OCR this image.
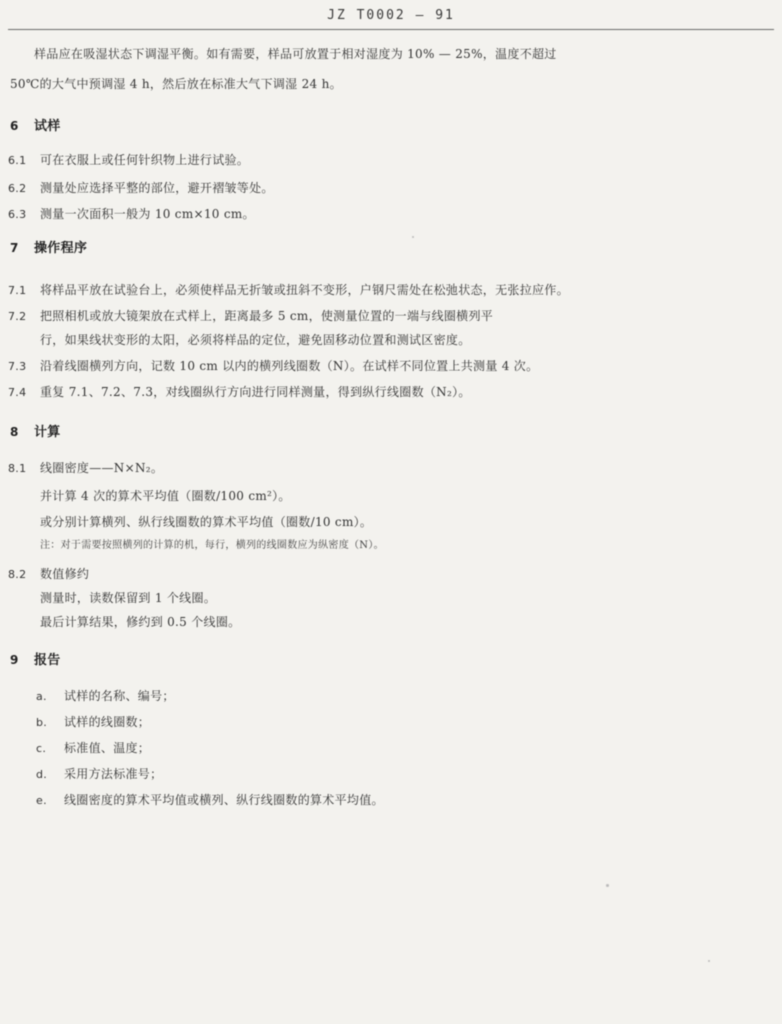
JZ T0002 — 91
样品应在吸湿状态下调湿平衡。如有需要，样品可放置于相对湿度为 10% — 25%，温度不超过
50℃的大气中预调湿 4 h，然后放在标准大气下调湿 24 h。
6 试样
6.1 可在衣服上或任何针织物上进行试验。
6.2 测量处应选择平整的部位，避开褶皱等处。
6.3 测量一次面积一般为 10 cm×10 cm。
7 操作程序
7.1 将样品平放在试验台上，必须使样品无折皱或扭斜不变形，户钢尺需处在松弛状态，无张拉应作。
7.2 把照相机或放大镜架放在式样上，距离最多 5 cm，使测量位置的一端与线圈横列平
行，如果线状变形的太阳，必须将样品的定位，避免固移动位置和测试区密度。
7.3 沿着线圈横列方向，记数 10 cm 以内的横列线圈数（N）。在试样不同位置上共测量 4 次。
7.4 重复 7.1、7.2、7.3，对线圈纵行方向进行同样测量，得到纵行线圈数（N₂）。
8 计算
8.1 线圈密度——N×N₂。
并计算 4 次的算术平均值（圈数/100 cm²）。
或分别计算横列、纵行线圈数的算术平均值（圈数/10 cm）。
注：对于需要按照横列的计算的机，每行，横列的线圈数应为纵密度（N）。
8.2 数值修约
测量时，读数保留到 1 个线圈。
最后计算结果，修约到 0.5 个线圈。
9 报告
a. 试样的名称、编号；
b. 试样的线圈数；
c. 标准值、温度；
d. 采用方法标准号；
e. 线圈密度的算术平均值或横列、纵行线圈数的算术平均值。
